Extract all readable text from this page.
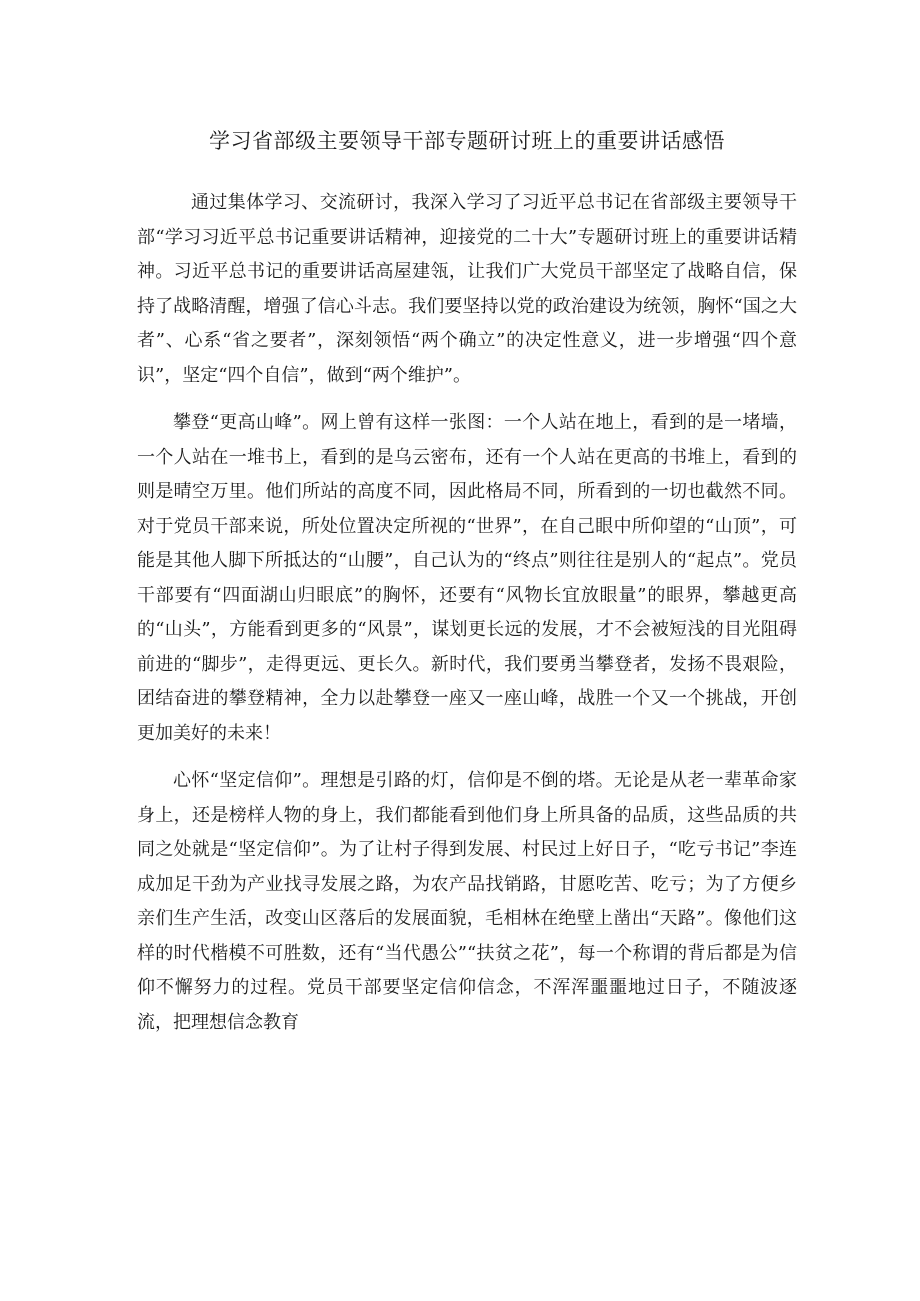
学习省部级主要领导干部专题研讨班上的重要讲话感悟

通过集体学习、交流研讨，我深入学习了习近平总书记在省部级主要领导干部“学习习近平总书记重要讲话精神，迎接党的二十大”专题研讨班上的重要讲话精神。习近平总书记的重要讲话高屋建瓴，让我们广大党员干部坚定了战略自信，保持了战略清醒，增强了信心斗志。我们要坚持以党的政治建设为统领，胸怀“国之大者”、心系“省之要者”，深刻领悟“两个确立”的决定性意义，进一步增强“四个意识”，坚定“四个自信”，做到“两个维护”。

攀登“更高山峰”。网上曾有这样一张图：一个人站在地上，看到的是一堵墙，一个人站在一堆书上，看到的是乌云密布，还有一个人站在更高的书堆上，看到的则是晴空万里。他们所站的高度不同，因此格局不同，所看到的一切也截然不同。对于党员干部来说，所处位置决定所视的“世界”，在自己眼中所仰望的“山顶”，可能是其他人脚下所抵达的“山腰”，自己认为的“终点”则往往是别人的“起点”。党员干部要有“四面湖山归眼底”的胸怀，还要有“风物长宜放眼量”的眼界，攀越更高的“山头”，方能看到更多的“风景”，谋划更长远的发展，才不会被短浅的目光阻碍前进的“脚步”，走得更远、更长久。新时代，我们要勇当攀登者，发扬不畏艰险，团结奋进的攀登精神，全力以赴攀登一座又一座山峰，战胜一个又一个挑战，开创更加美好的未来！

心怀“坚定信仰”。理想是引路的灯，信仰是不倒的塔。无论是从老一辈革命家身上，还是榜样人物的身上，我们都能看到他们身上所具备的品质，这些品质的共同之处就是“坚定信仰”。为了让村子得到发展、村民过上好日子，“吃亏书记”李连成加足干劲为产业找寻发展之路，为农产品找销路，甘愿吃苦、吃亏；为了方便乡亲们生产生活，改变山区落后的发展面貌，毛相林在绝壁上凿出“天路”。像他们这样的时代楷模不可胜数，还有“当代愚公”“扶贫之花”，每一个称谓的背后都是为信仰不懈努力的过程。党员干部要坚定信仰信念，不浑浑噩噩地过日子，不随波逐流，把理想信念教育
